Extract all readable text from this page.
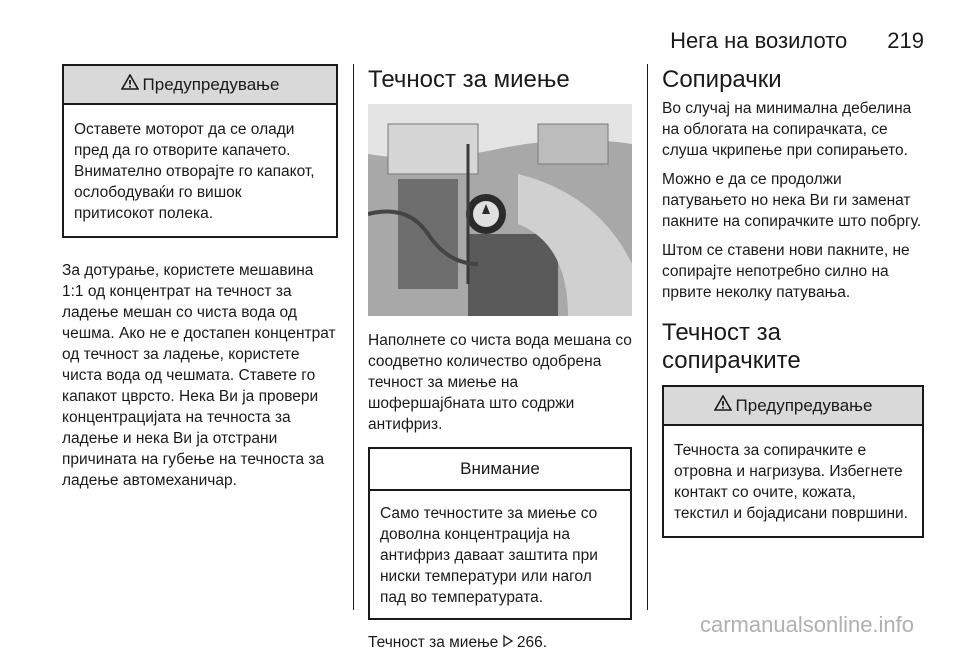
Нега на возилото 219
Предупредување
Оставете моторот да се олади пред да го отворите капачето. Внимателно отворајте го капакот, ослободуваќи го вишок притисокот полека.

За дотурање, користете мешавина 1:1 од концентрат на течност за ладење мешан со чиста вода од чешма. Ако не е достапен концентрат од течност за ладење, користете чиста вода од чешмата. Ставете го капакот цврсто. Нека Ви ја провери концентрацијата на течноста за ладење и нека Ви ја отстрани причината на губење на течноста за ладење автомеханичар.

Течност за миење

Наполнете со чиста вода мешана со соодветно количество одобрена течност за миење на шофершајбната што содржи антифриз.

Внимание
Само течностите за миење со доволна концентрација на антифриз даваат заштита при ниски температури или нагол пад во температурата.

Течност за миење 266.

Сопирачки

Во случај на минимална дебелина на облогата на сопирачката, се слуша чкрипење при сопирањето.

Можно е да се продолжи патувањето но нека Ви ги заменат пакните на сопирачките што побргу.

Штом се ставени нови пакните, не сопирајте непотребно силно на првите неколку патувања.

Течност за сопирачките
Предупредување
Течноста за сопирачките е отровна и нагризува. Избегнете контакт со очите, кожата, текстил и бојадисани површини.
carmanualsonline.info
